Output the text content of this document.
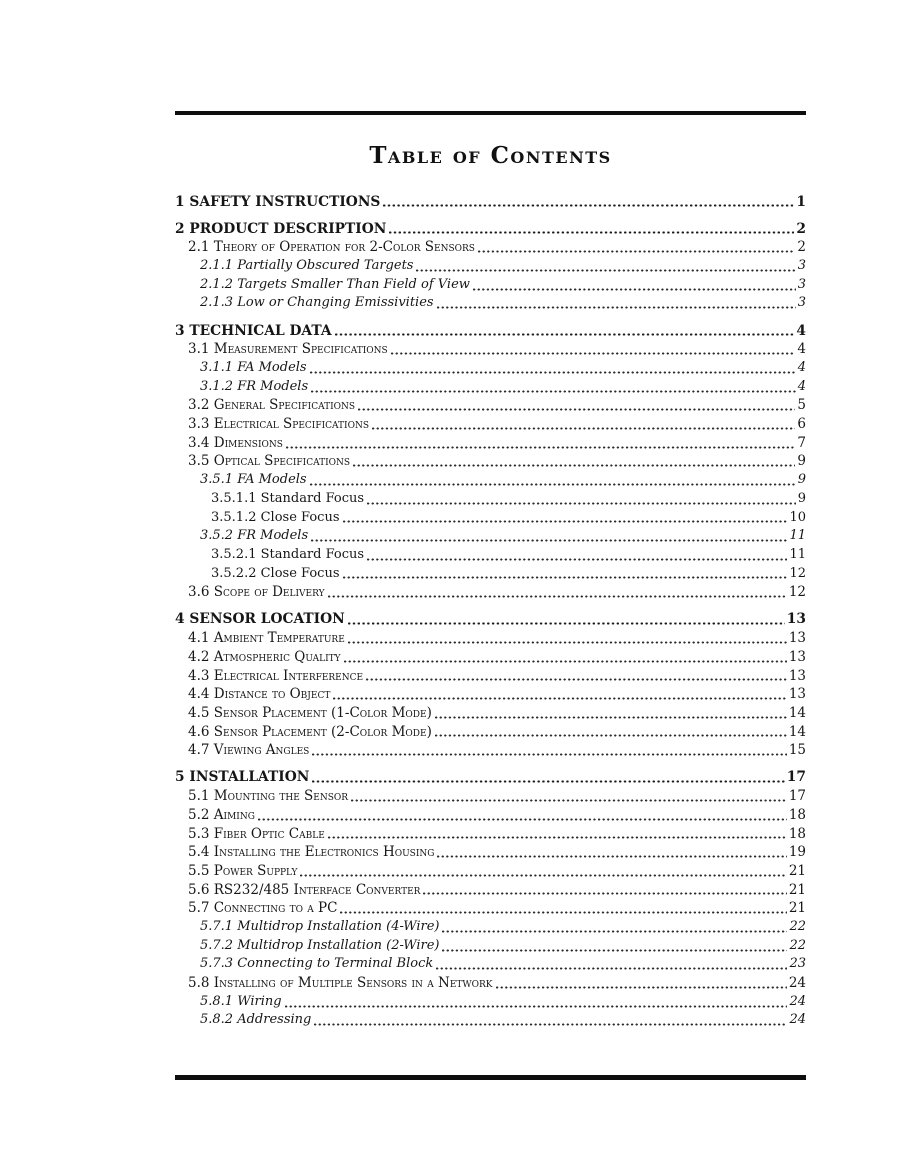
Table of Contents
1 SAFETY INSTRUCTIONS	1
2 PRODUCT DESCRIPTION	2
2.1 Theory of Operation for 2-Color Sensors	2
2.1.1 Partially Obscured Targets	3
2.1.2 Targets Smaller Than Field of View	3
2.1.3 Low or Changing Emissivities	3
3 TECHNICAL DATA	4
3.1 Measurement Specifications	4
3.1.1 FA Models	4
3.1.2 FR Models	4
3.2 General Specifications	5
3.3 Electrical Specifications	6
3.4 Dimensions	7
3.5 Optical Specifications	9
3.5.1 FA Models	9
3.5.1.1 Standard Focus	9
3.5.1.2 Close Focus	10
3.5.2 FR Models	11
3.5.2.1 Standard Focus	11
3.5.2.2 Close Focus	12
3.6 Scope of Delivery	12
4 SENSOR LOCATION	13
4.1 Ambient Temperature	13
4.2 Atmospheric Quality	13
4.3 Electrical Interference	13
4.4 Distance to Object	13
4.5 Sensor Placement (1-Color Mode)	14
4.6 Sensor Placement (2-Color Mode)	14
4.7 Viewing Angles	15
5 INSTALLATION	17
5.1 Mounting the Sensor	17
5.2 Aiming	18
5.3 Fiber Optic Cable	18
5.4 Installing the Electronics Housing	19
5.5 Power Supply	21
5.6 RS232/485 Interface Converter	21
5.7 Connecting to a PC	21
5.7.1 Multidrop Installation (4-Wire)	22
5.7.2 Multidrop Installation (2-Wire)	22
5.7.3 Connecting to Terminal Block	23
5.8 Installing of Multiple Sensors in a Network	24
5.8.1 Wiring	24
5.8.2 Addressing	24
